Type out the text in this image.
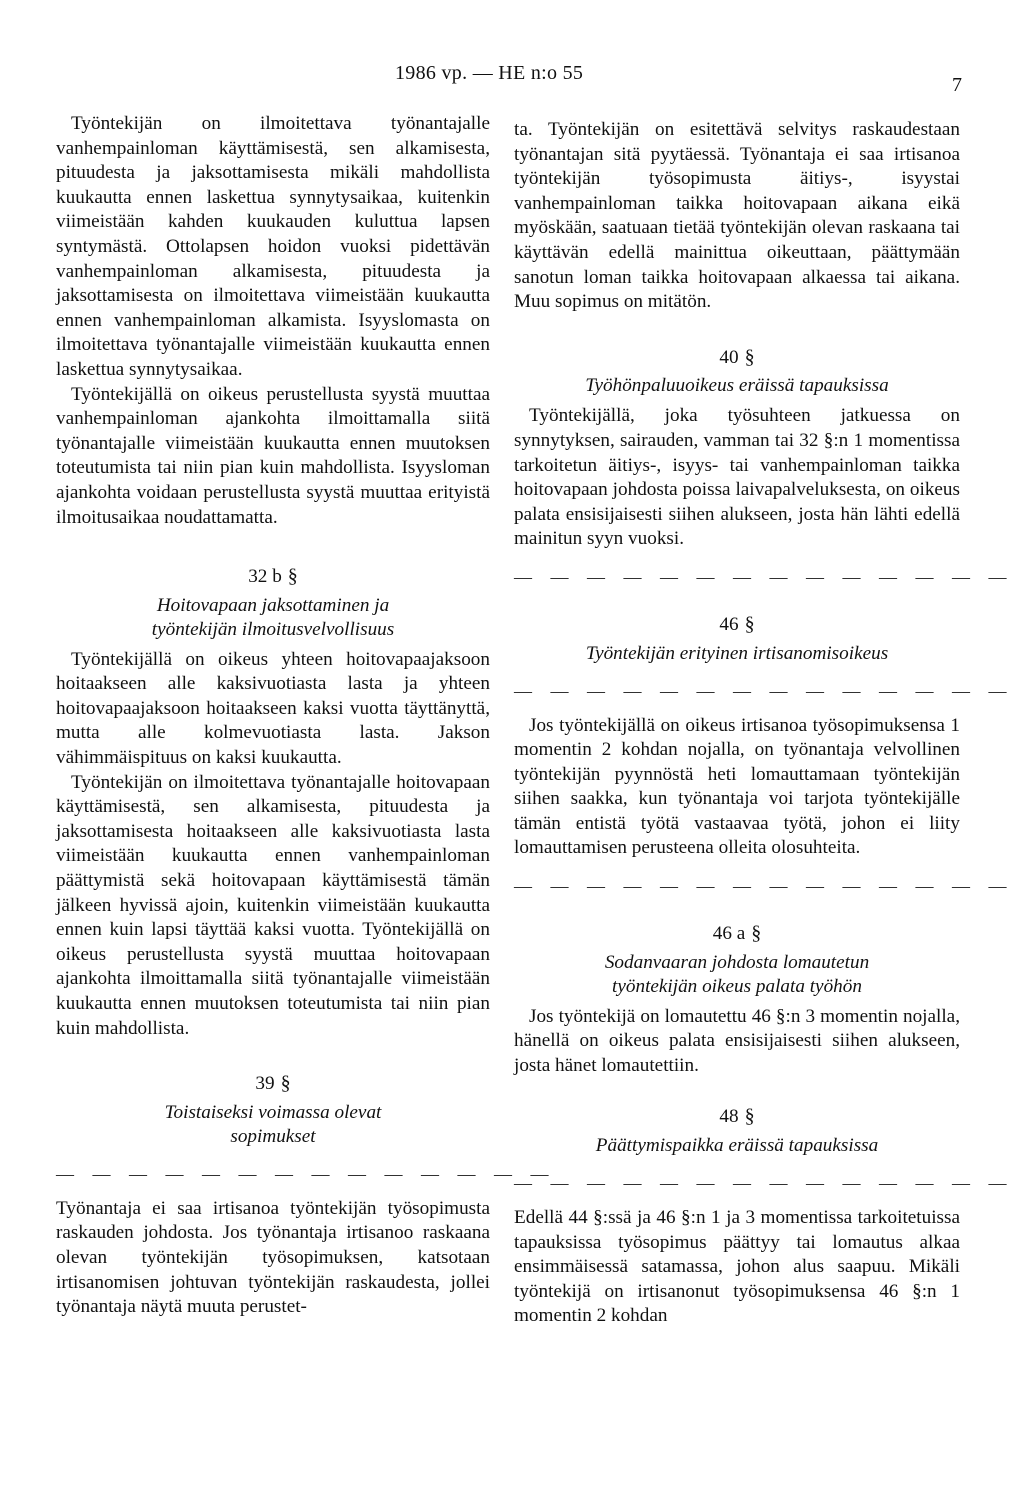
1986 vp. — HE n:o 55
7

Työntekijän on ilmoitettava työnantajalle vanhempainloman käyttämisestä, sen alkamisesta, pituudesta ja jaksottamisesta mikäli mahdollista kuukautta ennen laskettua synnytysaikaa, kuitenkin viimeistään kahden kuukauden kuluttua lapsen syntymästä. Ottolapsen hoidon vuoksi pidettävän vanhempainloman alkamisesta, pituudesta ja jaksottamisesta on ilmoitettava viimeistään kuukautta ennen vanhempainloman alkamista. Isyyslomasta on ilmoitettava työnantajalle viimeistään kuukautta ennen laskettua synnytysaikaa.

Työntekijällä on oikeus perustellusta syystä muuttaa vanhempainloman ajankohta ilmoittamalla siitä työnantajalle viimeistään kuukautta ennen muutoksen toteutumista tai niin pian kuin mahdollista. Isyysloman ajankohta voidaan perustellusta syystä muuttaa erityistä ilmoitusaikaa noudattamatta.

32 b §
Hoitovapaan jaksottaminen ja
työntekijän ilmoitusvelvollisuus

Työntekijällä on oikeus yhteen hoitovapaajaksoon hoitaakseen alle kaksivuotiasta lasta ja yhteen hoitovapaajaksoon hoitaakseen kaksi vuotta täyttänyttä, mutta alle kolmevuotiasta lasta. Jakson vähimmäispituus on kaksi kuukautta.

Työntekijän on ilmoitettava työnantajalle hoitovapaan käyttämisestä, sen alkamisesta, pituudesta ja jaksottamisesta hoitaakseen alle kaksivuotiasta lasta viimeistään kuukautta ennen vanhempainloman päättymistä sekä hoitovapaan käyttämisestä tämän jälkeen hyvissä ajoin, kuitenkin viimeistään kuukautta ennen kuin lapsi täyttää kaksi vuotta. Työntekijällä on oikeus perustellusta syystä muuttaa hoitovapaan ajankohta ilmoittamalla siitä työnantajalle viimeistään kuukautta ennen muutoksen toteutumista tai niin pian kuin mahdollista.

39 §
Toistaiseksi voimassa olevat
sopimukset
— — — — — — — — — — — — — —

Työnantaja ei saa irtisanoa työntekijän työsopimusta raskauden johdosta. Jos työnantaja irtisanoo raskaana olevan työntekijän työsopimuksen, katsotaan irtisanomisen johtuvan työntekijän raskaudesta, jollei työnantaja näytä muuta perustet-

ta. Työntekijän on esitettävä selvitys raskaudestaan työnantajan sitä pyytäessä. Työnantaja ei saa irtisanoa työntekijän työsopimusta äitiys-, isyystai vanhempainloman taikka hoitovapaan aikana eikä myöskään, saatuaan tietää työntekijän olevan raskaana tai käyttävän edellä mainittua oikeuttaan, päättymään sanotun loman taikka hoitovapaan alkaessa tai aikana. Muu sopimus on mitätön.

40 §
Työhönpaluuoikeus eräissä tapauksissa

Työntekijällä, joka työsuhteen jatkuessa on synnytyksen, sairauden, vamman tai 32 §:n 1 momentissa tarkoitetun äitiys-, isyys- tai vanhempainloman taikka hoitovapaan johdosta poissa laivapalveluksesta, on oikeus palata ensisijaisesti siihen alukseen, josta hän lähti edellä mainitun syyn vuoksi.

— — — — — — — — — — — — — —
46 §
Työntekijän erityinen irtisanomisoikeus
— — — — — — — — — — — — — —

Jos työntekijällä on oikeus irtisanoa työsopimuksensa 1 momentin 2 kohdan nojalla, on työnantaja velvollinen työntekijän pyynnöstä heti lomauttamaan työntekijän siihen saakka, kun työnantaja voi tarjota työntekijälle tämän entistä työtä vastaavaa työtä, johon ei liity lomauttamisen perusteena olleita olosuhteita.

— — — — — — — — — — — — — —
46 a §
Sodanvaaran johdosta lomautetun
työntekijän oikeus palata työhön

Jos työntekijä on lomautettu 46 §:n 3 momentin nojalla, hänellä on oikeus palata ensisijaisesti siihen alukseen, josta hänet lomautettiin.

48 §
Päättymispaikka eräissä tapauksissa
— — — — — — — — — — — — — —

Edellä 44 §:ssä ja 46 §:n 1 ja 3 momentissa tarkoitetuissa tapauksissa työsopimus päättyy tai lomautus alkaa ensimmäisessä satamassa, johon alus saapuu. Mikäli työntekijä on irtisanonut työsopimuksensa 46 §:n 1 momentin 2 kohdan
